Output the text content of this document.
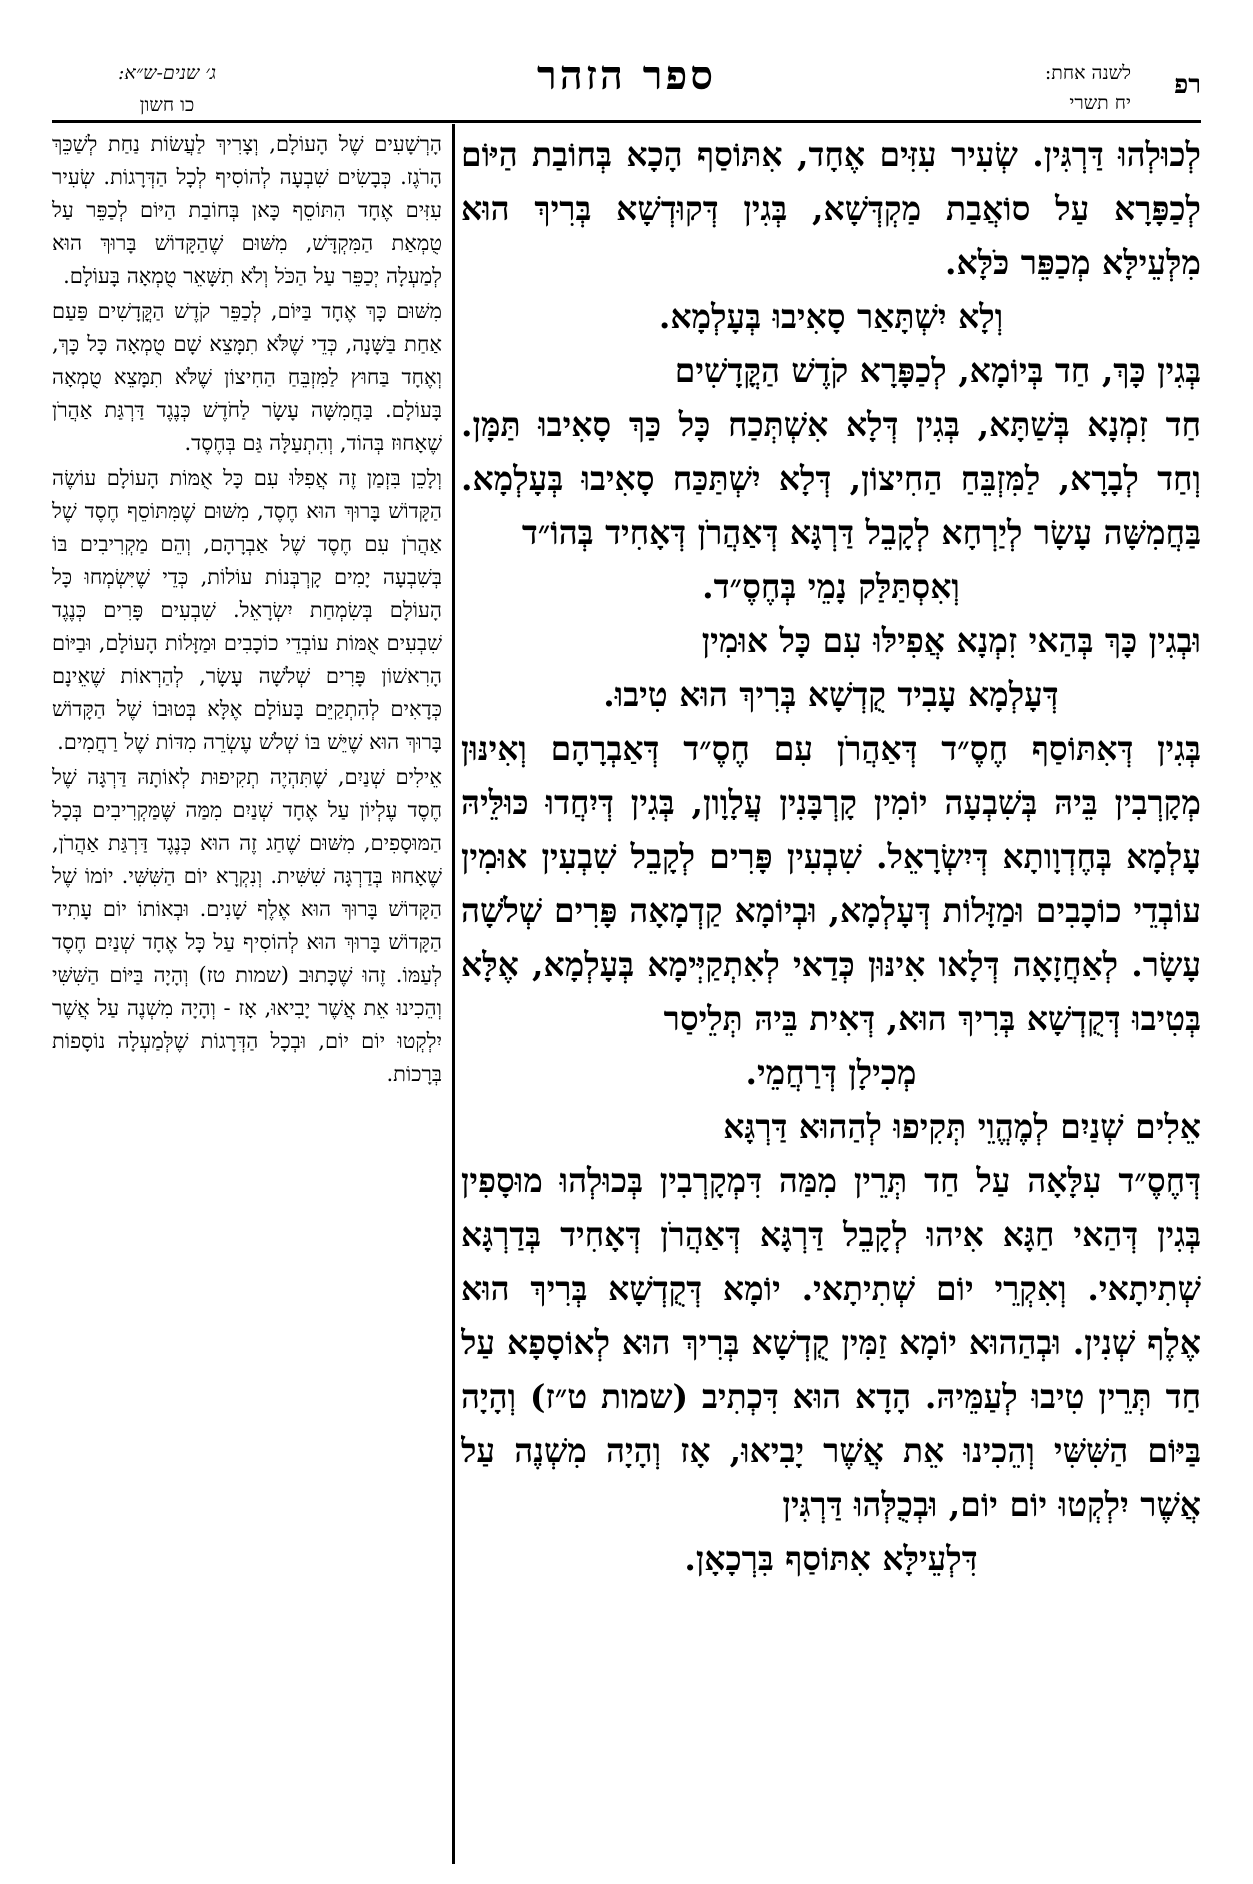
רפ
לשנה אחת:
יח תשרי
ספר הזהר
ג׳ שנים-ש״א:
כו חשון

לְכוּלְהוּ דַּרְגִּין. שְׂעִיר עִזִּים אֶחָד, אִתּוֹסַף הָכָא בְּחוֹבַת הַיּוֹם לְכַפָּרָא עַל סוֹאֲבַת מַקְדְּשָׁא, בְּגִין דְּקוּדְשָׁא בְּרִיךְ הוּא מִלְּעֵילָּא מְכַפֵּר כֹּלָּא.

וְלָא יִשְׁתָּאַר סָאִיבוּ בְּעָלְמָא.

בְּגִין כָּךְ, חַד בְּיוֹמָא, לְכַפָּרָא קֹדֶשׁ הַקֳּדָשִׁים

חַד זִמְנָא בְּשַׁתָּא, בְּגִין דְּלָא אִשְׁתְּכַח כָּל כַּךְ סָאִיבוּ תַּמָּן. וְחַד לְבָרָא, לַמִּזְבֵּחַ הַחִיצוֹן, דְּלָא יִשְׁתַּכַּח סָאִיבוּ בְּעָלְמָא. בַּחֲמִשָּׁה עָשָׂר לְיַרְחָא לְקָבֵל דַּרְגָּא דְּאַהֲרֹן דְּאָחִיד בְּהוֹ״ד

וְאִסְתַּלַּק נָמֵי בְּחֶסֶ״ד.

וּבְגִין כָּךְ בְּהַאי זִמְנָא אֲפִילּוּ עִם כָּל אוּמִין

דְּעָלְמָא עָבִיד קֻדְשָׁא בְּרִיךְ הוּא טִיבוּ.

בְּגִין דְּאִתּוֹסַף חֶסֶ״ד דְּאַהֲרֹן עִם חֶסֶ״ד דְּאַבְרָהָם וְאִינּוּן מְקָרְבִין בֵּיהּ בְּשִׁבְעָה יוֹמִין קָרְבָּנִין עֲלָוָון, בְּגִין דְּיִחֲדוּ כּוּלֵּיהּ עָלְמָא בְּחֶדְוָותָא דְּיִשְׂרָאֵל. שִׁבְעִין פָּרִים לְקָבֵל שִׁבְעִין אוּמִין עוֹבְדֵי כוֹכָבִים וּמַזָּלוֹת דְּעָלְמָא, וּבְיוֹמָא קַדְמָאָה פָּרִים שְׁלֹשָׁה עָשָׂר. לְאַחֲזָאָה דְּלָאו אִינּוּן כְּדַאי לְאִתְקַיְּימָא בְּעָלְמָא, אֶלָּא בְּטִיבוּ דְּקֻדְשָׁא בְּרִיךְ הוּא, דְּאִית בֵּיהּ תְּלֵיסַר

מְכִילָן דְּרַחֲמֵי.

אֵלִים שְׁנַיִם לְמֶהֱוֵי תְּקִיפוּ לְהַהוּא דַּרְגָּא

דְּחֶסֶ״ד עִלָּאָה עַל חַד תְּרֵין מִמַּה דִּמְקָרְבִין בְּכוּלְהוּ מוּסָפִין בְּגִין דְּהַאי חַגָּא אִיהוּ לְקָבֵל דַּרְגָּא דְּאַהֲרֹן דְּאָחִיד בְּדַרְגָּא שְׁתִיתָאי. וְאִקְרֵי יוֹם שְׁתִיתָאי. יוֹמָא דְּקֻדְשָׁא בְּרִיךְ הוּא אֶלֶף שְׁנִין. וּבְהַהוּא יוֹמָא זַמִּין קֻדְשָׁא בְּרִיךְ הוּא לְאוֹסָפָא עַל חַד תְּרֵין טִיבוּ לְעַמֵּיהּ. הָדָא הוּא דִּכְתִיב (שמות ט״ז) וְהָיָה בַּיּוֹם הַשִּׁשִּׁי וְהֵכִינוּ אֵת אֲשֶׁר יָבִיאוּ, אָז וְהָיָה מִשְׁנֶה עַל אֲשֶׁר יִלְקְטוּ יוֹם יוֹם, וּבְכֻלְּהוּ דַּרְגִּין

דִּלְעֵילָּא אִתּוֹסַף בִּרְכָאָן.

הָרְשָׁעִים שֶׁל הָעוֹלָם, וְצָרִיךְ לַעֲשׂוֹת נַחַת לְשַׁכֵּךְ הָרֹגֶז. כְּבָשִׂים שִׁבְעָה לְהוֹסִיף לְכָל הַדְּרָגוֹת. שְׂעִיר עִזִּים אֶחָד הִתּוֹסֵף כָּאן בְּחוֹבַת הַיּוֹם לְכַפֵּר עַל טֻמְאַת הַמִּקְדָּשׁ, מִשּׁוּם שֶׁהַקָּדוֹשׁ בָּרוּךְ הוּא לְמַעְלָה יְכַפֵּר עַל הַכֹּל וְלֹא תִשָּׁאֵר טֻמְאָה בָּעוֹלָם.

מִשּׁוּם כָּךְ אֶחָד בַּיּוֹם, לְכַפֵּר קֹדֶשׁ הַקֳּדָשִׁים פַּעַם אַחַת בַּשָּׁנָה, כְּדֵי שֶׁלֹּא תִמָּצֵא שָׁם טֻמְאָה כָּל כָּךְ, וְאֶחָד בַּחוּץ לַמִּזְבֵּחַ הַחִיצוֹן שֶׁלֹּא תִמָּצֵא טֻמְאָה בָּעוֹלָם. בַּחֲמִשָּׁה עָשָׂר לַחֹדֶשׁ כְּנֶגֶד דַּרְגַּת אַהֲרֹן שֶׁאָחוּז בְּהוֹד, וְהִתְעַלָּה גַּם בְּחֶסֶד.

וְלָכֵן בִּזְמַן זֶה אֲפִלּוּ עִם כָּל אֻמּוֹת הָעוֹלָם עוֹשֶׂה הַקָּדוֹשׁ בָּרוּךְ הוּא חֶסֶד, מִשּׁוּם שֶׁמִּתּוֹסֵף חֶסֶד שֶׁל אַהֲרֹן עִם חֶסֶד שֶׁל אַבְרָהָם, וְהֵם מַקְרִיבִים בּוֹ בְּשִׁבְעָה יָמִים קָרְבְּנוֹת עוֹלוֹת, כְּדֵי שֶׁיִּשְׂמְחוּ כָּל הָעוֹלָם בְּשִׂמְחַת יִשְׂרָאֵל. שִׁבְעִים פָּרִים כְּנֶגֶד שִׁבְעִים אֻמּוֹת עוֹבְדֵי כוֹכָבִים וּמַזָּלוֹת הָעוֹלָם, וּבַיּוֹם הָרִאשׁוֹן פָּרִים שְׁלֹשָׁה עָשָׂר, לְהַרְאוֹת שֶׁאֵינָם כְּדָאִים לְהִתְקַיֵּם בָּעוֹלָם אֶלָּא בְּטוּבוֹ שֶׁל הַקָּדוֹשׁ בָּרוּךְ הוּא שֶׁיֵּשׁ בּוֹ שְׁלֹשׁ עֶשְׂרֵה מִדּוֹת שֶׁל רַחֲמִים.

אֵילִים שְׁנַיִם, שֶׁתִּהְיֶה תְקִיפוּת לְאוֹתָהּ דַּרְגָּה שֶׁל חֶסֶד עֶלְיוֹן עַל אֶחָד שְׁנַיִם מִמַּה שֶּׁמַּקְרִיבִים בְּכָל הַמּוּסָפִים, מִשּׁוּם שֶׁחַג זֶה הוּא כְּנֶגֶד דַּרְגַּת אַהֲרֹן, שֶׁאָחוּז בְּדַרְגָּה שִׁשִּׁית. וְנִקְרָא יוֹם הַשִּׁשִּׁי. יוֹמוֹ שֶׁל הַקָּדוֹשׁ בָּרוּךְ הוּא אֶלֶף שָׁנִים. וּבְאוֹתוֹ יוֹם עָתִיד הַקָּדוֹשׁ בָּרוּךְ הוּא לְהוֹסִיף עַל כָּל אֶחָד שְׁנַיִם חֶסֶד לְעַמּוֹ. זֶהוּ שֶׁכָּתוּב (שמות טז) וְהָיָה בַּיּוֹם הַשִּׁשִּׁי וְהֵכִינוּ אֵת אֲשֶׁר יָבִיאוּ, אָז - וְהָיָה מִשְׁנֶה עַל אֲשֶׁר יִלְקְטוּ יוֹם יוֹם, וּבְכָל הַדְּרָגוֹת שֶׁלְּמַעְלָה נוֹסָפוֹת בְּרָכוֹת.
